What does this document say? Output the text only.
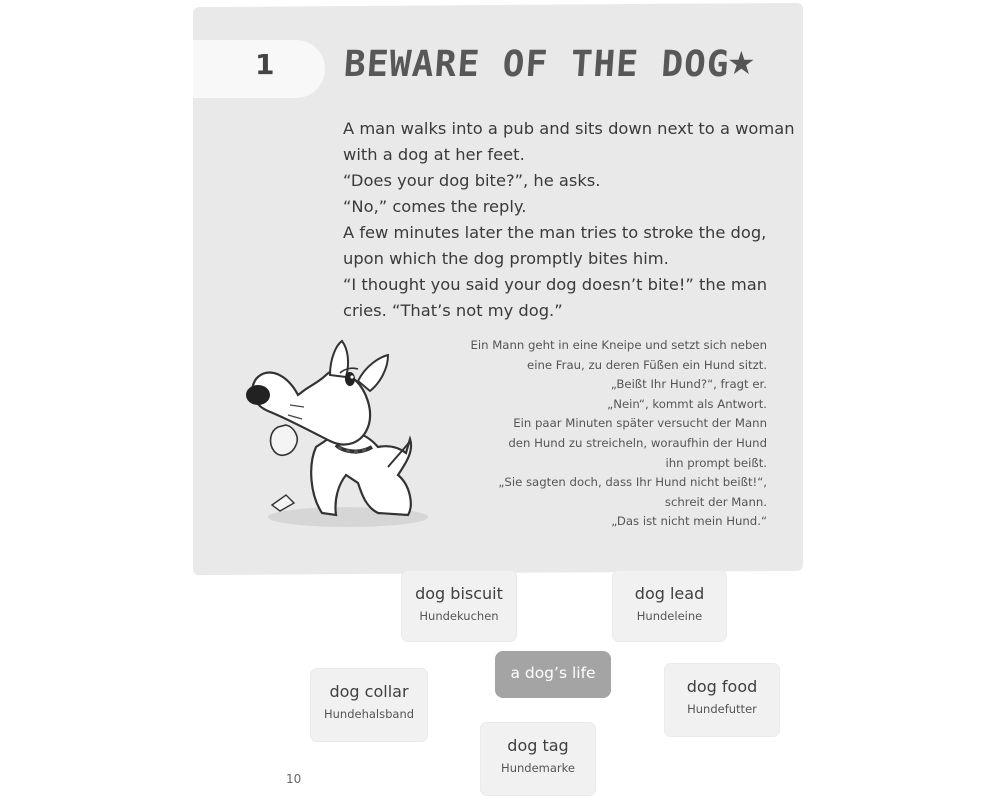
1 BEWARE OF THE DOG
★
A man walks into a pub and sits down next to a woman
with a dog at her feet.
“Does your dog bite?”, he asks.
“No,” comes the reply.
A few minutes later the man tries to stroke the dog,
upon which the dog promptly bites him.
“I thought you said your dog doesn’t bite!” the man
cries. “That’s not my dog.”
Ein Mann geht in eine Kneipe und setzt sich neben
eine Frau, zu deren Füßen ein Hund sitzt.
„Beißt Ihr Hund?“, fragt er.
„Nein“, kommt als Antwort.
Ein paar Minuten später versucht der Mann
den Hund zu streicheln, woraufhin der Hund
ihn prompt beißt.
„Sie sagten doch, dass Ihr Hund nicht beißt!“,
schreit der Mann.
„Das ist nicht mein Hund.“
dog biscuit
Hundekuchen
dog lead
Hundeleine
a dog’s life
dog collar
Hundehalsband
dog food
Hundefutter
dog tag
Hundemarke
10
